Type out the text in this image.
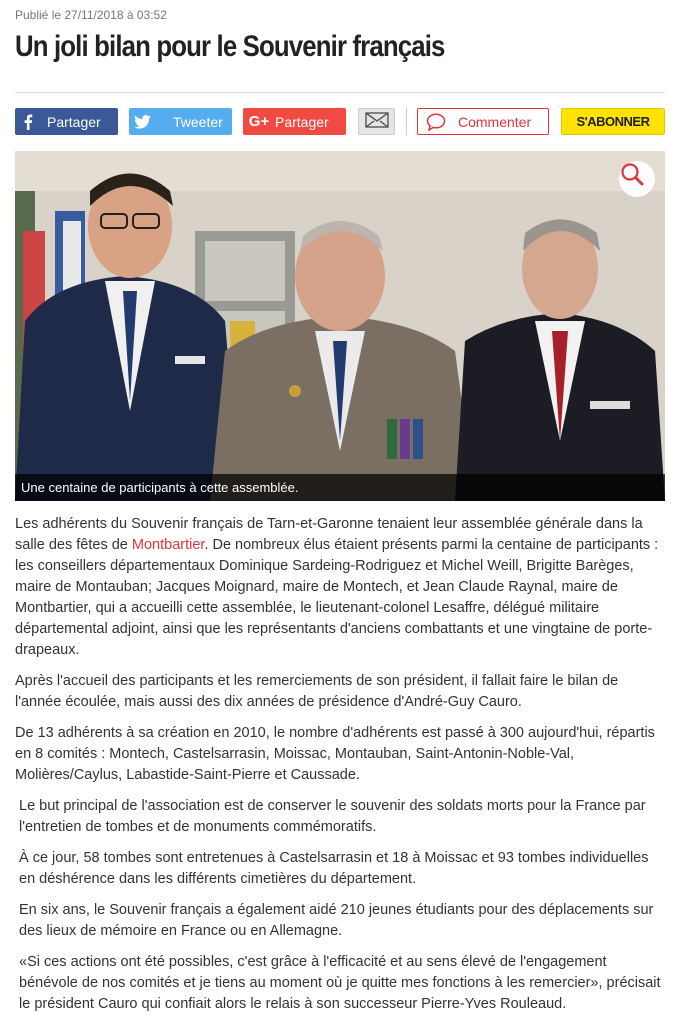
Publié le 27/11/2018 à 03:52
Un joli bilan pour le Souvenir français
Partager	Tweeter	G+ Partager	Commenter	S'ABONNER
Une centaine de participants à cette assemblée.

Les adhérents du Souvenir français de Tarn-et-Garonne tenaient leur assemblée générale dans la salle des fêtes de Montbartier. De nombreux élus étaient présents parmi la centaine de participants : les conseillers départementaux Dominique Sardeing-Rodriguez et Michel Weill, Brigitte Barèges, maire de Montauban; Jacques Moignard, maire de Montech, et Jean Claude Raynal, maire de Montbartier, qui a accueilli cette assemblée, le lieutenant-colonel Lesaffre, délégué militaire départemental adjoint, ainsi que les représentants d'anciens combattants et une vingtaine de porte-drapeaux.

Après l'accueil des participants et les remerciements de son président, il fallait faire le bilan de l'année écoulée, mais aussi des dix années de présidence d'André-Guy Cauro.

De 13 adhérents à sa création en 2010, le nombre d'adhérents est passé à 300 aujourd'hui, répartis en 8 comités : Montech, Castelsarrasin, Moissac, Montauban, Saint-Antonin-Noble-Val, Molières/Caylus, Labastide-Saint-Pierre et Caussade.

Le but principal de l'association est de conserver le souvenir des soldats morts pour la France par l'entretien de tombes et de monuments commémoratifs.

À ce jour, 58 tombes sont entretenues à Castelsarrasin et 18 à Moissac et 93 tombes individuelles en déshérence dans les différents cimetières du département.

En six ans, le Souvenir français a également aidé 210 jeunes étudiants pour des déplacements sur des lieux de mémoire en France ou en Allemagne.

«Si ces actions ont été possibles, c'est grâce à l'efficacité et au sens élevé de l'engagement bénévole de nos comités et je tiens au moment où je quitte mes fonctions à les remercier», précisait le président Cauro qui confiait alors le relais à son successeur Pierre-Yves Rouleaud.
